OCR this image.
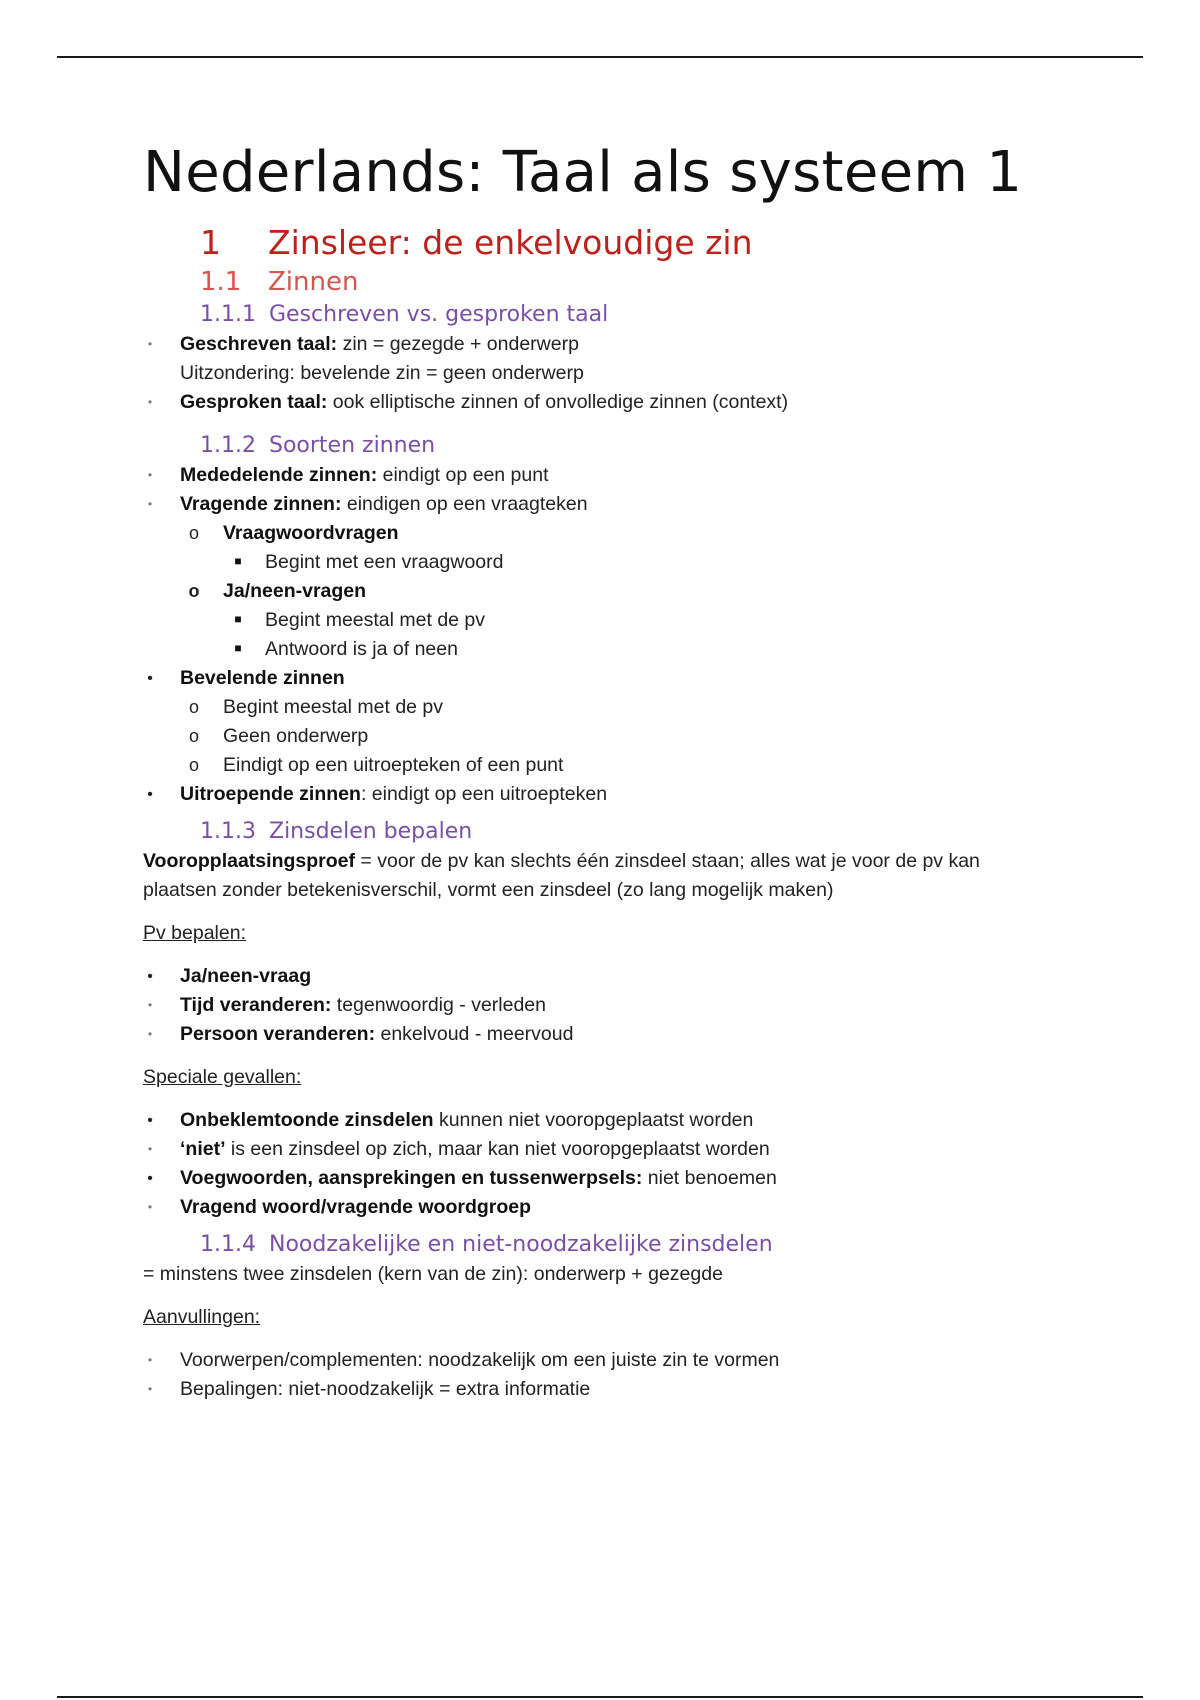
Nederlands: Taal als systeem 1
1 Zinsleer: de enkelvoudige zin
1.1 Zinnen
1.1.1 Geschreven vs. gesproken taal
• Geschreven taal: zin = gezegde + onderwerp
Uitzondering: bevelende zin = geen onderwerp
• Gesproken taal: ook elliptische zinnen of onvolledige zinnen (context)
1.1.2 Soorten zinnen
• Mededelende zinnen: eindigt op een punt
• Vragende zinnen: eindigen op een vraagteken
o Vraagwoordvragen
■ Begint met een vraagwoord
o Ja/neen-vragen
■ Begint meestal met de pv
■ Antwoord is ja of neen
• Bevelende zinnen
o Begint meestal met de pv
o Geen onderwerp
o Eindigt op een uitroepteken of een punt
• Uitroepende zinnen: eindigt op een uitroepteken
1.1.3 Zinsdelen bepalen
Vooropplaatsingsproef = voor de pv kan slechts één zinsdeel staan; alles wat je voor de pv kan
plaatsen zonder betekenisverschil, vormt een zinsdeel (zo lang mogelijk maken)
Pv bepalen:
• Ja/neen-vraag
• Tijd veranderen: tegenwoordig - verleden
• Persoon veranderen: enkelvoud - meervoud
Speciale gevallen:
• Onbeklemtoonde zinsdelen kunnen niet vooropgeplaatst worden
• ‘niet’ is een zinsdeel op zich, maar kan niet vooropgeplaatst worden
• Voegwoorden, aansprekingen en tussenwerpsels: niet benoemen
• Vragend woord/vragende woordgroep
1.1.4 Noodzakelijke en niet-noodzakelijke zinsdelen
= minstens twee zinsdelen (kern van de zin): onderwerp + gezegde
Aanvullingen:
• Voorwerpen/complementen: noodzakelijk om een juiste zin te vormen
• Bepalingen: niet-noodzakelijk = extra informatie
